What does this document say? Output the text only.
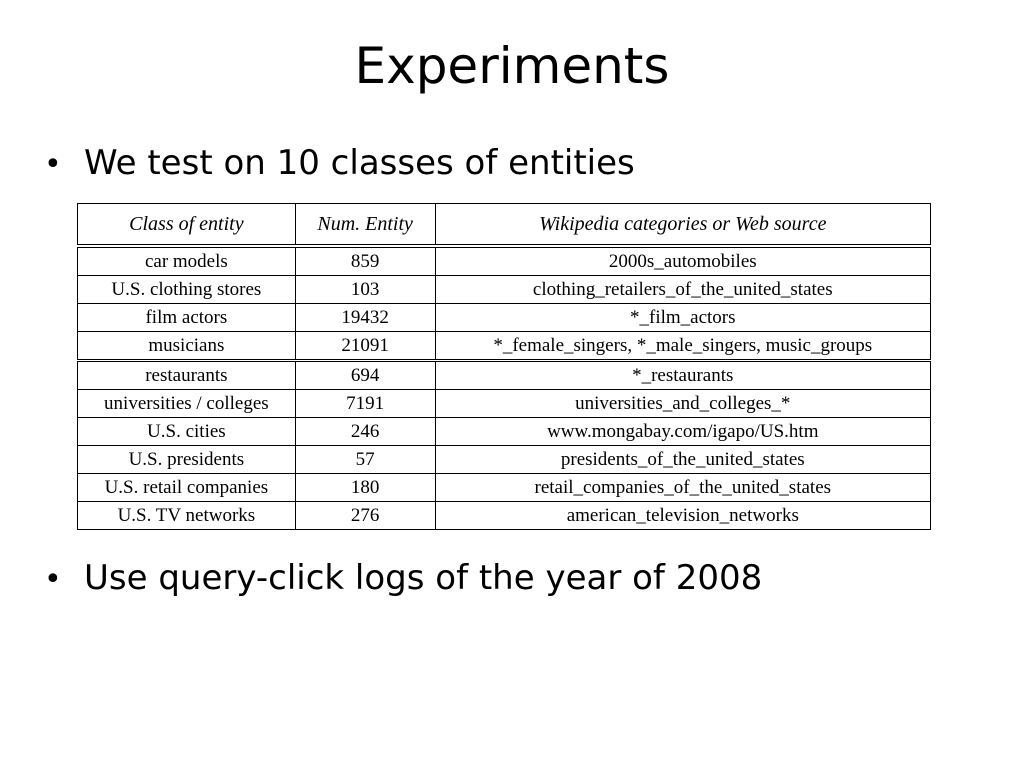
Experiments
• We test on 10 classes of entities
Class of entity	Num. Entity	Wikipedia categories or Web source
car models	859	2000s_automobiles
U.S. clothing stores	103	clothing_retailers_of_the_united_states
film actors	19432	*_film_actors
musicians	21091	*_female_singers, *_male_singers, music_groups
restaurants	694	*_restaurants
universities / colleges	7191	universities_and_colleges_*
U.S. cities	246	www.mongabay.com/igapo/US.htm
U.S. presidents	57	presidents_of_the_united_states
U.S. retail companies	180	retail_companies_of_the_united_states
U.S. TV networks	276	american_television_networks
• Use query-click logs of the year of 2008
